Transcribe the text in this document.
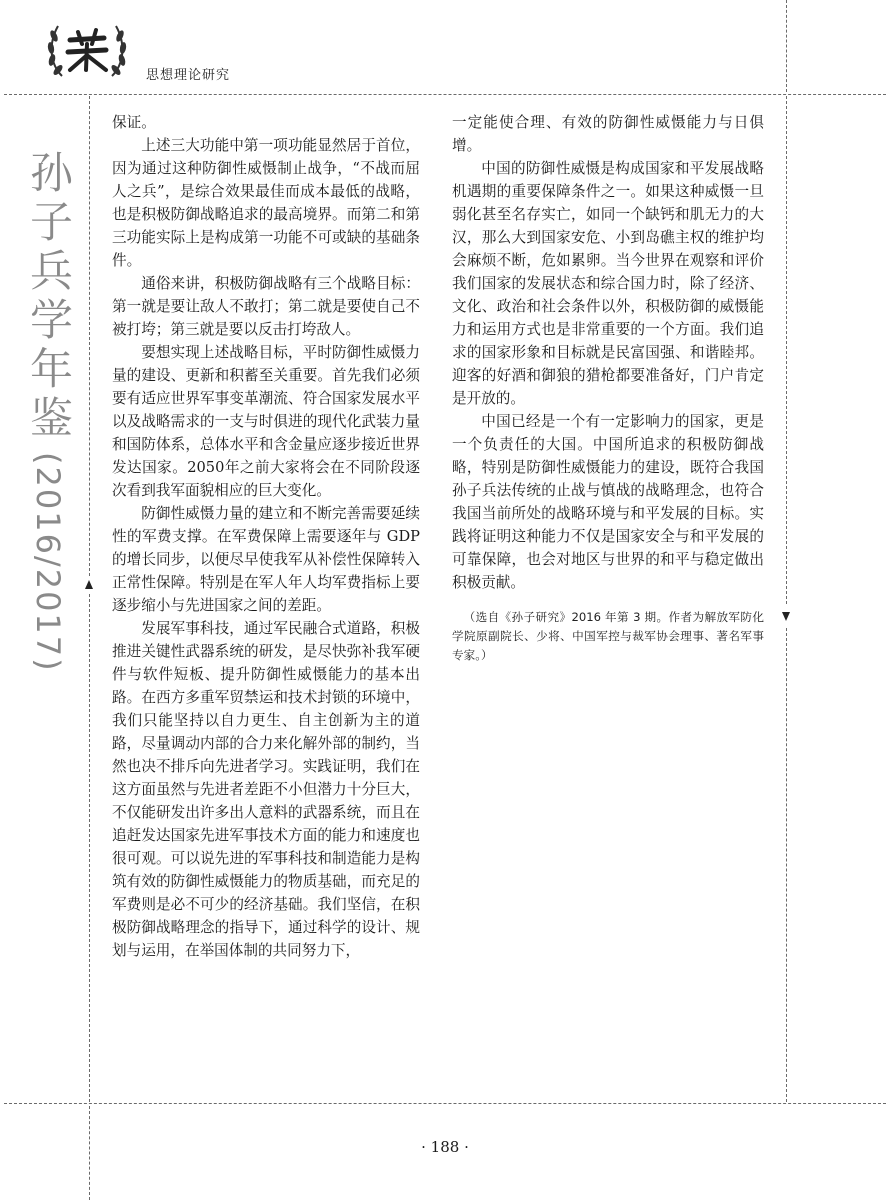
思想理论研究
孙子兵学年鉴
(2016/2017)

保证。

上述三大功能中第一项功能显然居于首位，因为通过这种防御性威慑制止战争，“不战而屈人之兵”，是综合效果最佳而成本最低的战略，也是积极防御战略追求的最高境界。而第二和第三功能实际上是构成第一功能不可或缺的基础条件。

通俗来讲，积极防御战略有三个战略目标：第一就是要让敌人不敢打；第二就是要使自己不被打垮；第三就是要以反击打垮敌人。

要想实现上述战略目标，平时防御性威慑力量的建设、更新和积蓄至关重要。首先我们必须要有适应世界军事变革潮流、符合国家发展水平以及战略需求的一支与时俱进的现代化武装力量和国防体系，总体水平和含金量应逐步接近世界发达国家。2050年之前大家将会在不同阶段逐次看到我军面貌相应的巨大变化。

防御性威慑力量的建立和不断完善需要延续性的军费支撑。在军费保障上需要逐年与 GDP 的增长同步，以便尽早使我军从补偿性保障转入正常性保障。特别是在军人年人均军费指标上要逐步缩小与先进国家之间的差距。

发展军事科技，通过军民融合式道路，积极推进关键性武器系统的研发，是尽快弥补我军硬件与软件短板、提升防御性威慑能力的基本出路。在西方多重军贸禁运和技术封锁的环境中，我们只能坚持以自力更生、自主创新为主的道路，尽量调动内部的合力来化解外部的制约，当然也决不排斥向先进者学习。实践证明，我们在这方面虽然与先进者差距不小但潜力十分巨大，不仅能研发出许多出人意料的武器系统，而且在追赶发达国家先进军事技术方面的能力和速度也很可观。可以说先进的军事科技和制造能力是构筑有效的防御性威慑能力的物质基础，而充足的军费则是必不可少的经济基础。我们坚信，在积极防御战略理念的指导下，通过科学的设计、规划与运用，在举国体制的共同努力下，

一定能使合理、有效的防御性威慑能力与日俱增。

中国的防御性威慑是构成国家和平发展战略机遇期的重要保障条件之一。如果这种威慑一旦弱化甚至名存实亡，如同一个缺钙和肌无力的大汉，那么大到国家安危、小到岛礁主权的维护均会麻烦不断，危如累卵。当今世界在观察和评价我们国家的发展状态和综合国力时，除了经济、文化、政治和社会条件以外，积极防御的威慑能力和运用方式也是非常重要的一个方面。我们追求的国家形象和目标就是民富国强、和谐睦邦。迎客的好酒和御狼的猎枪都要准备好，门户肯定是开放的。

中国已经是一个有一定影响力的国家，更是一个负责任的大国。中国所追求的积极防御战略，特别是防御性威慑能力的建设，既符合我国孙子兵法传统的止战与慎战的战略理念，也符合我国当前所处的战略环境与和平发展的目标。实践将证明这种能力不仅是国家安全与和平发展的可靠保障，也会对地区与世界的和平与稳定做出积极贡献。

（选自《孙子研究》2016 年第 3 期。作者为解放军防化学院原副院长、少将、中国军控与裁军协会理事、著名军事专家。）
· 188 ·
